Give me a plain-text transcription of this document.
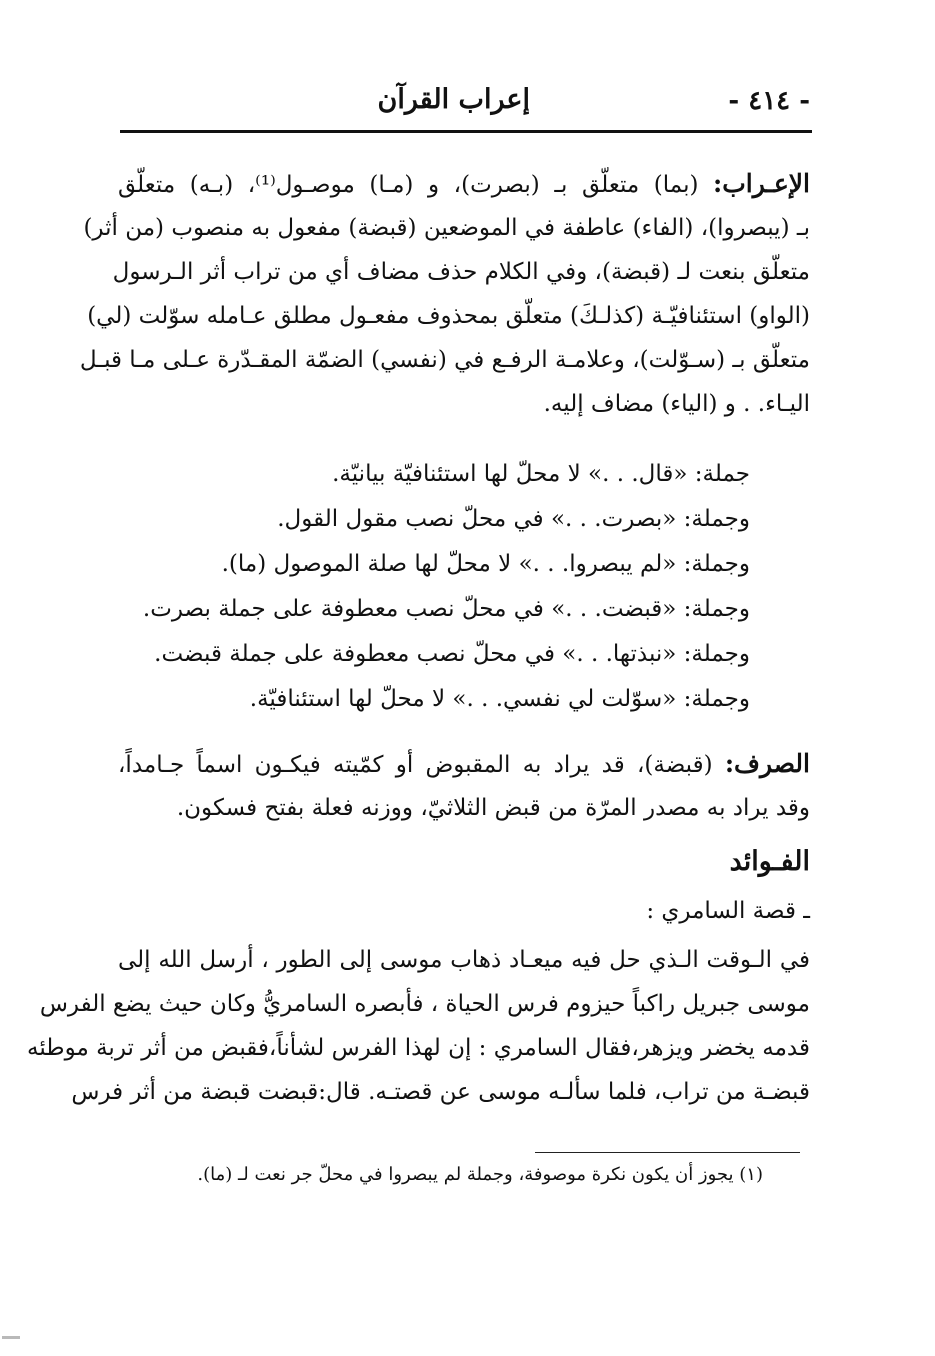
- ٤١٤ -
إعراب القرآن
الإعـراب: (بما) متعلّق بـ (بصرت)، و (مـا) موصـول⁽¹⁾، (بـه) متعلّق
بـ (يبصروا)، (الفاء) عاطفة في الموضعين (قبضة) مفعول به منصوب (من أثر)
متعلّق بنعت لـ (قبضة)، وفي الكلام حذف مضاف أي من تراب أثر الـرسول
(الواو) استئنافيّـة (كذلـكَ) متعلّق بمحذوف مفعـول مطلق عـامله سوّلت (لي)
متعلّق بـ (سـوّلت)، وعلامـة الرفـع في (نفسي) الضمّة المقـدّرة عـلى مـا قبـل
اليـاء. . و (الياء) مضاف إليه.
جملة: «قال. . .» لا محلّ لها استئنافيّة بيانيّة.
وجملة: «بصرت. . .» في محلّ نصب مقول القول.
وجملة: «لم يبصروا. . .» لا محلّ لها صلة الموصول (ما).
وجملة: «قبضت. . .» في محلّ نصب معطوفة على جملة بصرت.
وجملة: «نبذتها. . .» في محلّ نصب معطوفة على جملة قبضت.
وجملة: «سوّلت لي نفسي. . .» لا محلّ لها استئنافيّة.
الصرف: (قبضة)، قد يراد به المقبوض أو كمّيته فيكـون اسماً جـامداً،
وقد يراد به مصدر المرّة من قبض الثلاثيّ، ووزنه فعلة بفتح فسكون.
الفـوائد
ـ قصة السامري :
في الـوقت الـذي حل فيه ميعـاد ذهاب موسى إلى الطور ، أرسل الله إلى
موسى جبريل راكباً حيزوم فرس الحياة ، فأبصره السامريُّ وكان حيث يضع الفرس
قدمه يخضر ويزهر،فقال السامري : إن لهذا الفرس لشأناً،فقبض من أثر تربة موطئه
قبضـة من تراب، فلما سألـه موسى عن قصتـه. قال:قبضت قبضة من أثر فرس
(١) يجوز أن يكون نكرة موصوفة، وجملة لم يبصروا في محلّ جر نعت لـ (ما).
